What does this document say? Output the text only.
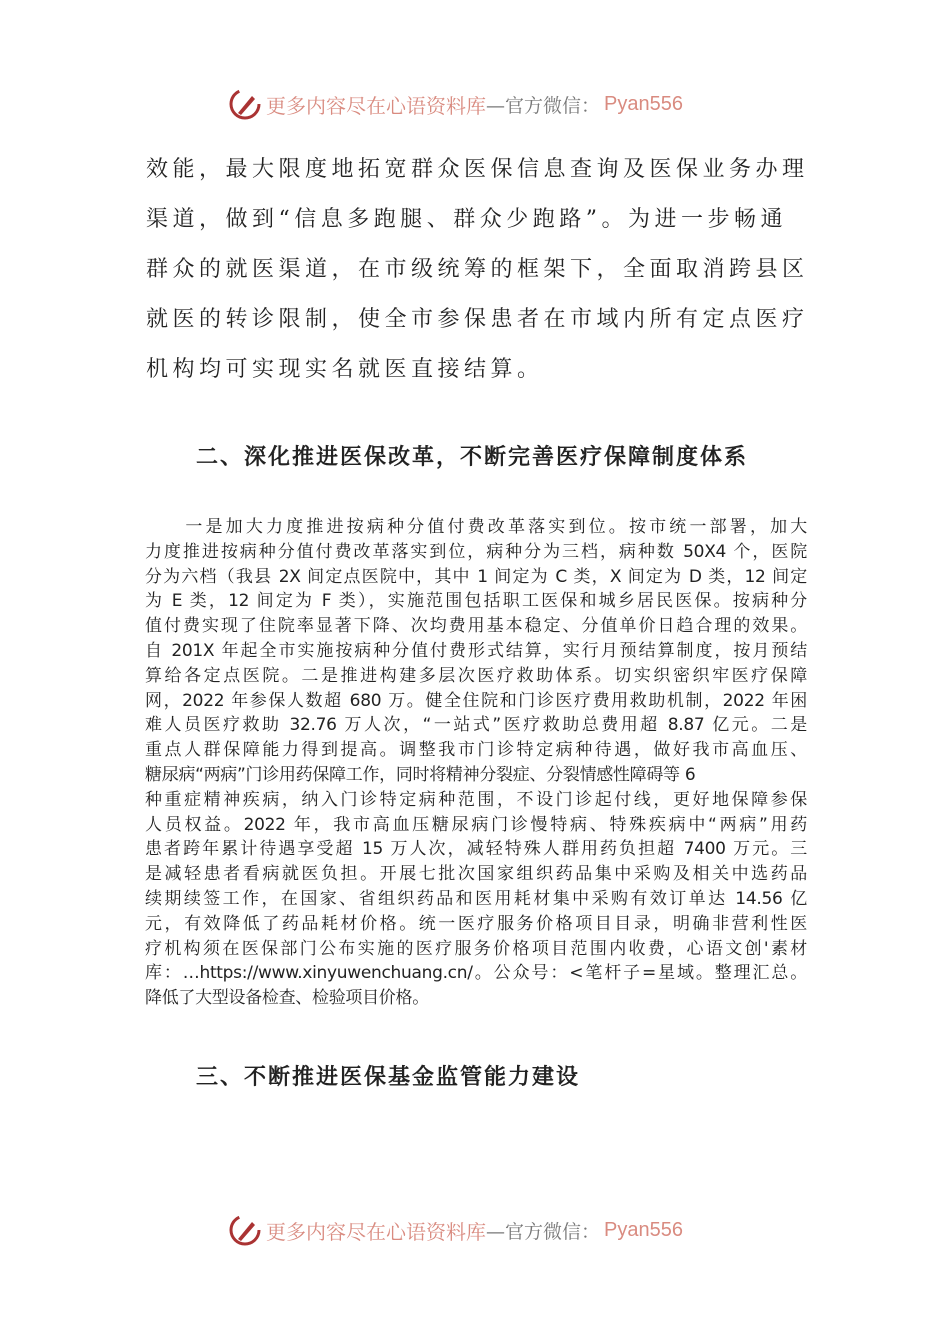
更多内容尽在心语资料库 —官方微信： Pyan556
效能，最大限度地拓宽群众医保信息查询及医保业务办理
渠道，做到“信息多跑腿、群众少跑路”。为进一步畅通
群众的就医渠道，在市级统筹的框架下，全面取消跨县区
就医的转诊限制，使全市参保患者在市域内所有定点医疗
机构均可实现实名就医直接结算。
二、深化推进医保改革，不断完善医疗保障制度体系
　　一是加大力度推进按病种分值付费改革落实到位。按市统一部署，加大
力度推进按病种分值付费改革落实到位，病种分为三档，病种数 50X4 个，医院
分为六档（我县 2X 间定点医院中，其中 1 间定为 C 类，X 间定为 D 类，12 间定
为 E 类，12 间定为 F 类），实施范围包括职工医保和城乡居民医保。按病种分
值付费实现了住院率显著下降、次均费用基本稳定、分值单价日趋合理的效果。
自 201X 年起全市实施按病种分值付费形式结算，实行月预结算制度，按月预结
算给各定点医院。二是推进构建多层次医疗救助体系。切实织密织牢医疗保障
网，2022 年参保人数超 680 万。健全住院和门诊医疗费用救助机制，2022 年困
难人员医疗救助 32.76 万人次，“一站式”医疗救助总费用超 8.87 亿元。二是
重点人群保障能力得到提高。调整我市门诊特定病种待遇，做好我市高血压、
糖尿病“两病”门诊用药保障工作，同时将精神分裂症、分裂情感性障碍等 6
种重症精神疾病，纳入门诊特定病种范围，不设门诊起付线，更好地保障参保
人员权益。2022 年，我市高血压糖尿病门诊慢特病、特殊疾病中“两病”用药
患者跨年累计待遇享受超 15 万人次，减轻特殊人群用药负担超 7400 万元。三
是减轻患者看病就医负担。开展七批次国家组织药品集中采购及相关中选药品
续期续签工作，在国家、省组织药品和医用耗材集中采购有效订单达 14.56 亿
元，有效降低了药品耗材价格。统一医疗服务价格项目目录，明确非营利性医
疗机构须在医保部门公布实施的医疗服务价格项目范围内收费，心语文创'素材
库：…https://www.xinyuwenchuang.cn/。公众号：<笔杆子=星域。整理汇总。
降低了大型设备检查、检验项目价格。
三、不断推进医保基金监管能力建设
更多内容尽在心语资料库 —官方微信： Pyan556
